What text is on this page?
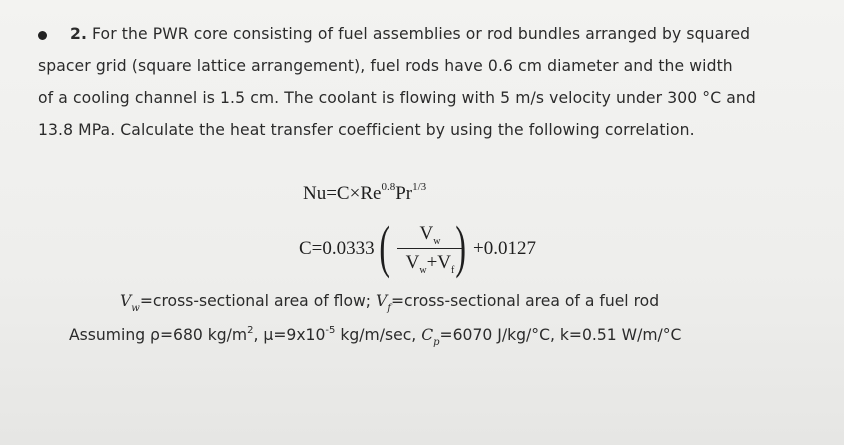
2. For the PWR core consisting of fuel assemblies or rod bundles arranged by squared
spacer grid (square lattice arrangement), fuel rods have 0.6 cm diameter and the width
of a cooling channel is 1.5 cm. The coolant is flowing with 5 m/s velocity under 300 °C and
13.8 MPa. Calculate the heat transfer coefficient by using the following correlation.
$Nu=C\times Re^{0.8}Pr^{1/3}$
C=0.0333 (	$V_w$
$V_w+V_f$ ) +0.0127
$V_w=cross$-sectional area of flow; $V_f=cross$-sectional area of a fuel rod
Assuming ρ=680 $kg/m^2$, $\mu=9x10^{-5}$ kg/m/sec, $C_p=6070$ J/kg/°C, k=0.51 W/m/°C
